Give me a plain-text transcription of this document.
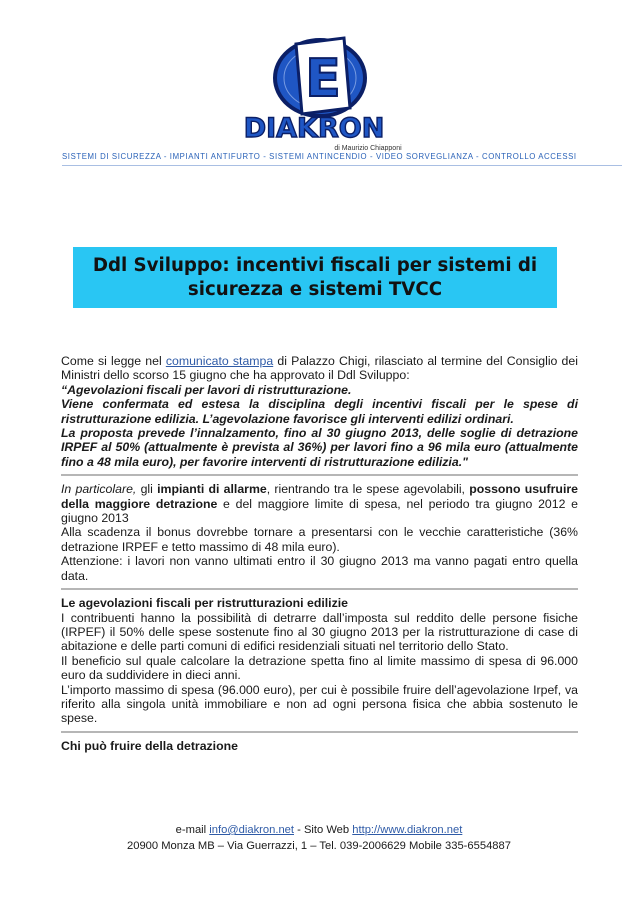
E
DIAKRON
di Maurizio Chiapponi
SISTEMI DI SICUREZZA - IMPIANTI ANTIFURTO - SISTEMI ANTINCENDIO - VIDEO SORVEGLIANZA - CONTROLLO ACCESSI
Ddl Sviluppo: incentivi fiscali per sistemi di sicurezza e sistemi TVCC

Come si legge nel comunicato stampa di Palazzo Chigi, rilasciato al termine del Consiglio dei Ministri dello scorso 15 giugno che ha approvato il Ddl Sviluppo:

“Agevolazioni fiscali per lavori di ristrutturazione.

Viene confermata ed estesa la disciplina degli incentivi fiscali per le spese di ristrutturazione edilizia. L’agevolazione favorisce gli interventi edilizi ordinari.

La proposta prevede l’innalzamento, fino al 30 giugno 2013, delle soglie di detrazione IRPEF al 50% (attualmente è prevista al 36%) per lavori fino a 96 mila euro (attualmente fino a 48 mila euro), per favorire interventi di ristrutturazione edilizia."

In particolare, gli impianti di allarme, rientrando tra le spese agevolabili, possono usufruire della maggiore detrazione e del maggiore limite di spesa, nel periodo tra giugno 2012 e giugno 2013

Alla scadenza il bonus dovrebbe tornare a presentarsi con le vecchie caratteristiche (36% detrazione IRPEF e tetto massimo di 48 mila euro).

Attenzione: i lavori non vanno ultimati entro il 30 giugno 2013 ma vanno pagati entro quella data.

Le agevolazioni fiscali per ristrutturazioni edilizie

I contribuenti hanno la possibilità di detrarre dall’imposta sul reddito delle persone fisiche (IRPEF) il 50% delle spese sostenute fino al 30 giugno 2013 per la ristrutturazione di case di abitazione e delle parti comuni di edifici residenziali situati nel territorio dello Stato.

Il beneficio sul quale calcolare la detrazione spetta fino al limite massimo di spesa di 96.000 euro da suddividere in dieci anni.

L’importo massimo di spesa (96.000 euro), per cui è possibile fruire dell’agevolazione Irpef, va riferito alla singola unità immobiliare e non ad ogni persona fisica che abbia sostenuto le spese.

Chi può fruire della detrazione

e-mail info@diakron.net - Sito Web http://www.diakron.net
20900 Monza MB – Via Guerrazzi, 1 – Tel. 039-2006629 Mobile 335-6554887
